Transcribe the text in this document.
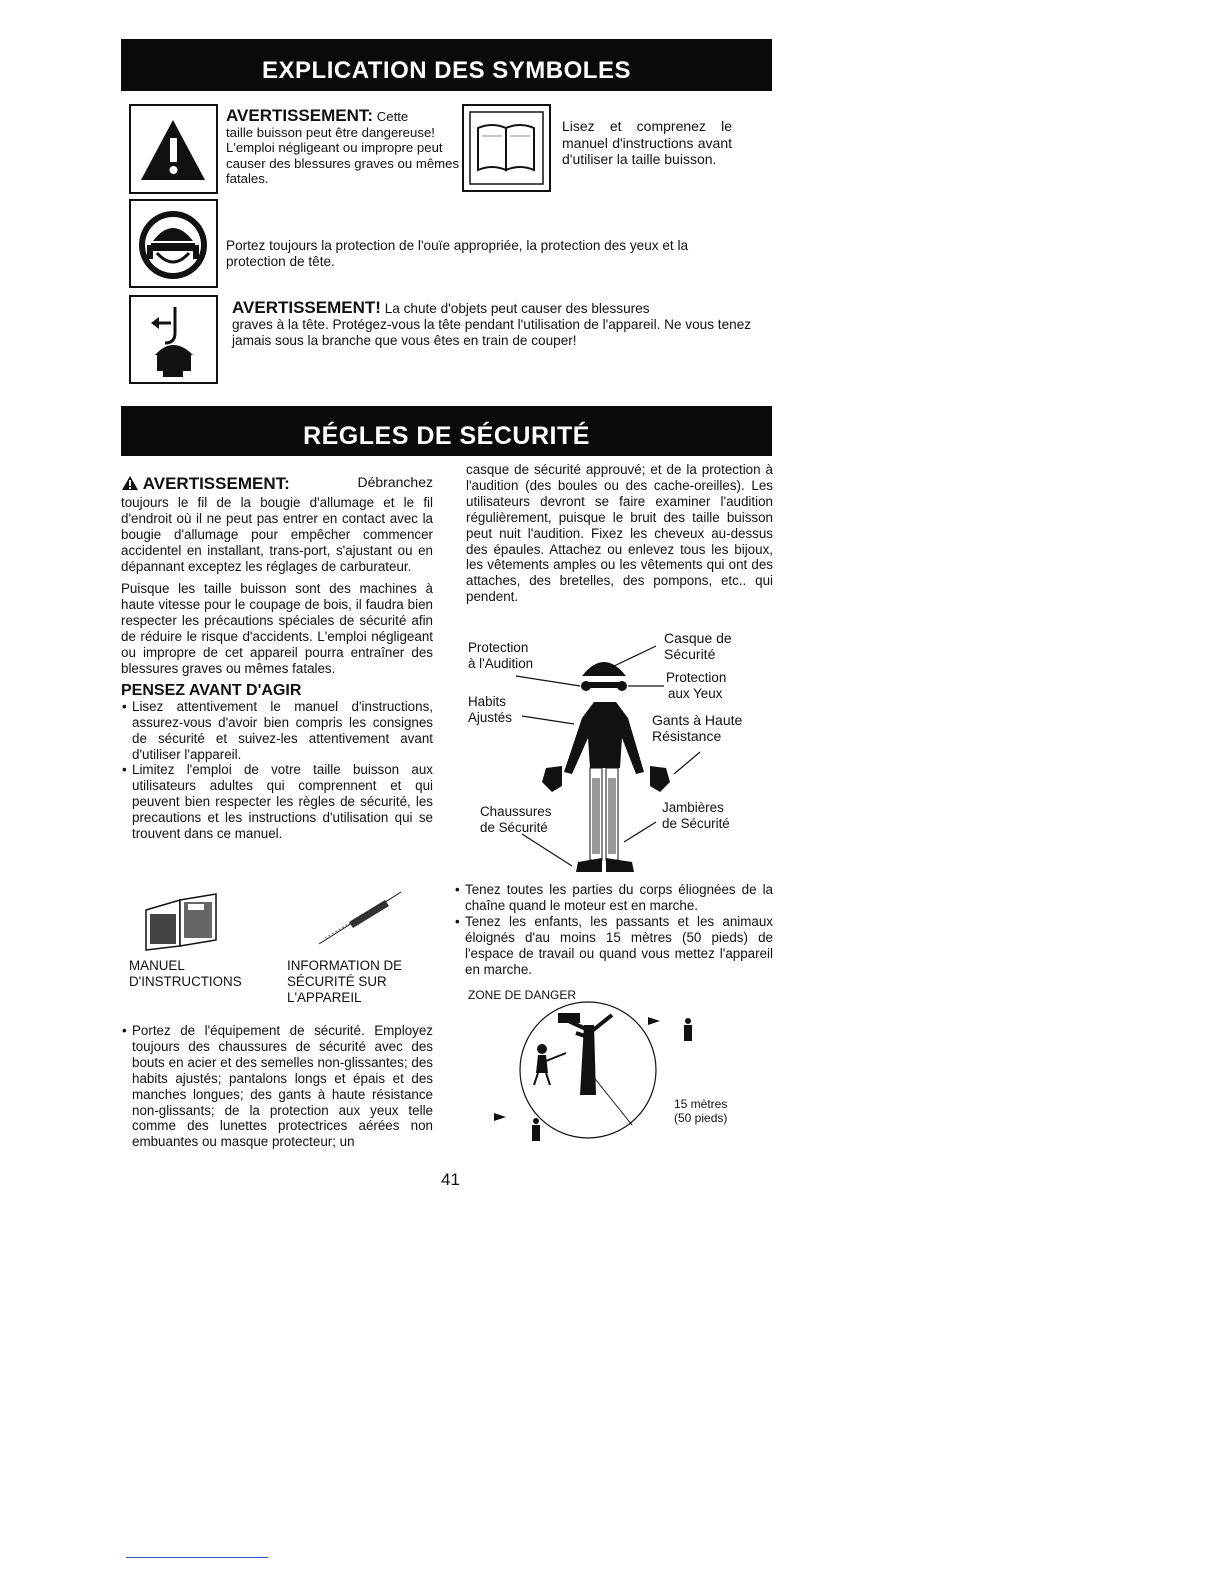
EXPLICATION DES SYMBOLES
AVERTISSEMENT: Cette
taille buisson peut être dangereuse! L'emploi négligeant ou impropre peut causer des blessures graves ou mêmes fatales.
Lisez et comprenez le manuel d'instructions avant d'utiliser la taille buisson.
Portez toujours la protection de l'ouïe appropriée, la protection des yeux et la protection de tête.
AVERTISSEMENT! La chute d'objets peut causer des blessures
graves à la tête. Protégez-vous la tête pendant l'utilisation de l'appareil. Ne vous tenez jamais sous la branche que vous êtes en train de couper!
RÉGLES DE SÉCURITÉ

AVERTISSEMENT:	Débranchez

toujours le fil de la bougie d'allumage et le fil d'endroit où il ne peut pas entrer en contact avec la bougie d'allumage pour empêcher commencer accidentel en installant, trans-port, s'ajustant ou en dépannant exceptez les réglages de carburateur.

Puisque les taille buisson sont des machines à haute vitesse pour le coupage de bois, il faudra bien respecter les précautions spéciales de sécurité afin de réduire le risque d'accidents. L'emploi négligeant ou impropre de cet appareil pourra entraîner des blessures graves ou mêmes fatales.

PENSEZ AVANT D'AGIR

• Lisez attentivement le manuel d'instructions, assurez-vous d'avoir bien compris les consignes de sécurité et suivez-les attentivement avant d'utiliser l'appareil.
• Limitez l'emploi de votre taille buisson aux utilisateurs adultes qui comprennent et qui peuvent bien respecter les règles de sécurité, les precautions et les instructions d'utilisation qui se trouvent dans ce manuel.
MANUEL D'INSTRUCTIONS
INFORMATION DE
SÉCURITÉ SUR
L'APPAREIL
• Portez de l'équipement de sécurité. Employez toujours des chaussures de sécurité avec des bouts en acier et des semelles non-glissantes; des habits ajustés; pantalons longs et épais et des manches longues; des gants à haute résistance non-glissants; de la protection aux yeux telle comme des lunettes protectrices aérées non embuantes ou masque protecteur; un
casque de sécurité approuvé; et de la protection à l'audition (des boules ou des cache-oreilles). Les utilisateurs devront se faire examiner l'audition régulièrement, puisque le bruit des taille buisson peut nuit l'audition. Fixez les cheveux au-dessus des épaules. Attachez ou enlevez tous les bijoux, les vêtements amples ou les vêtements qui ont des attaches, des bretelles, des pompons, etc.. qui pendent.
Protection
à l'Audition
Casque de
Sécurité
Protection
aux Yeux
Habits
Ajustés	Gants à Haute
Résistance
Chaussures
de Sécurité
Jambières
de Sécurité
• Tenez toutes les parties du corps éliognées de la chaîne quand le moteur est en marche.
• Tenez les enfants, les passants et les animaux éloignés d'au moins 15 mètres (50 pieds) de l'espace de travail ou quand vous mettez l'appareil en marche.
ZONE DE DANGER
15 mètres
(50 pieds)
41
